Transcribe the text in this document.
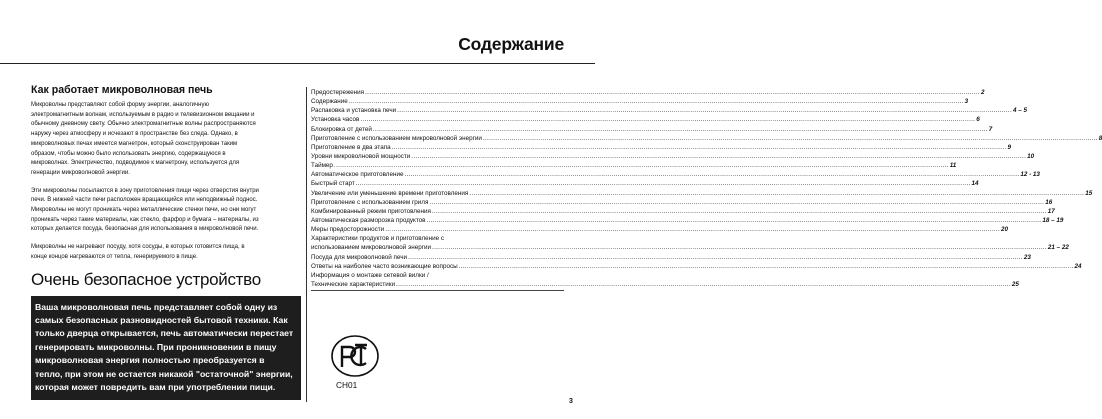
Содержание
Как работает микроволновая печь
Микроволны представляют собой форму энергии, аналогичную
электромагнитным волнам, используемым в радио и телевизионном вещании и
обычному дневному свету. Обычно электромагнитные волны распространяются
наружу через атмосферу и исчезают в пространстве без следа. Однако, в
микроволновых печах имеется магнетрон, который сконструирован таким
образом, чтобы можно было использовать энергию, содержащуюся в
микроволнах. Электричество, подводимое к магнетрону, используется для
генерации микроволновой энергии.
Эти микроволны посылаются в зону приготовления пищи через отверстия внутри
печи. В нижней части печи расположен вращающийся или неподвижный поднос.
Микроволны не могут проникать через металлические стенки печи, но они могут
проникать через такие материалы, как стекло, фарфор и бумага – материалы, из
которых делается посуда, безопасная для использования в микроволновой печи.
Микроволны не нагревают посуду, хотя сосуды, в которых готовится пища, в
конце концов нагреваются от тепла, генерируемого в пище.
Очень безопасное устройство
Ваша микроволновая печь представляет собой одну из
самых безопасных разновидностей бытовой техники. Как
только дверца открывается, печь автоматически перестает
генерировать микроволны. При проникновении в пищу
микроволновая энергия полностью преобразуется в
тепло, при этом не остается никакой "остаточной" энергии,
которая может повредить вам при употреблении пищи.
Предостережения ............................................................................................................................................................................................................................................................................................................ 2
Содержание ............................................................................................................................................................................................................................................................................................................ 3
Распаковка и установка печи ............................................................................................................................................................................................................................................................................................................ 4 – 5
Установка часов ............................................................................................................................................................................................................................................................................................................ 6
Блокировка от детей ............................................................................................................................................................................................................................................................................................................ 7
Приготовление с использованием микроволновой энергии ............................................................................................................................................................................................................................................................................................................ 8
Приготовление в два этапа ............................................................................................................................................................................................................................................................................................................ 9
Уровни микроволновой мощности ............................................................................................................................................................................................................................................................................................................ 10
Таймер ............................................................................................................................................................................................................................................................................................................ 11
Автоматическое приготовление ............................................................................................................................................................................................................................................................................................................ 12 - 13
Быстрый старт ............................................................................................................................................................................................................................................................................................................ 14
Увеличение или уменьшение времени приготовления ............................................................................................................................................................................................................................................................................................................ 15
Приготовление с использованием гриля ............................................................................................................................................................................................................................................................................................................ 16
Комбинированный режим приготовления ............................................................................................................................................................................................................................................................................................................ 17
Автоматическая разморозка продуктов ............................................................................................................................................................................................................................................................................................................ 18 – 19
Меры предосторожности ............................................................................................................................................................................................................................................................................................................ 20
Характеристики продуктов и приготовление с
использованием микроволновой энергии ............................................................................................................................................................................................................................................................................................................ 21 – 22
Посуда для микроволновой печи ............................................................................................................................................................................................................................................................................................................ 23
Ответы на наиболее часто возникающие вопросы ............................................................................................................................................................................................................................................................................................................ 24
Информация о монтаже сетевой вилки /
Технические характеристики ............................................................................................................................................................................................................................................................................................................ 25
CH01
3
